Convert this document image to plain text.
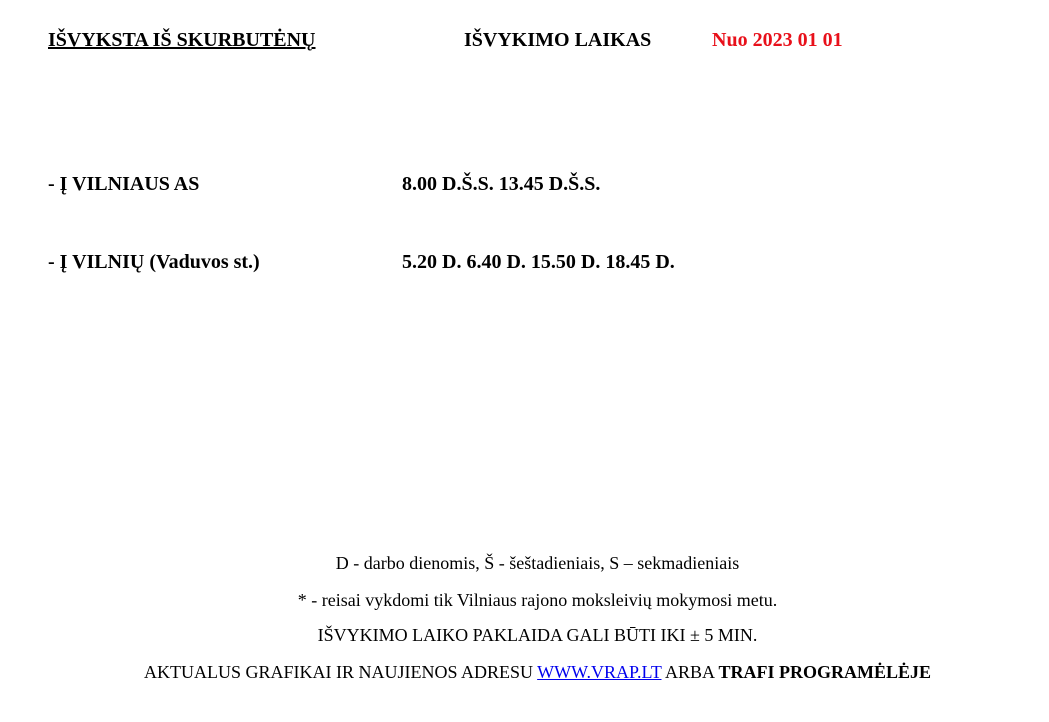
IŠVYKSTA IŠ SKURBUTĖNŲ	IŠVYKIMO LAIKAS	Nuo 2023 01 01
- Į VILNIAUS AS	8.00 D.Š.S. 13.45 D.Š.S.
- Į VILNIŲ (Vaduvos st.)	5.20 D. 6.40 D. 15.50 D. 18.45 D.
D - darbo dienomis, Š - šeštadieniais, S – sekmadieniais
* - reisai vykdomi tik Vilniaus rajono moksleivių mokymosi metu.
IŠVYKIMO LAIKO PAKLAIDA GALI BŪTI IKI ± 5 MIN.
AKTUALUS GRAFIKAI IR NAUJIENOS ADRESU WWW.VRAP.LT ARBA TRAFI PROGRAMĖLĖJE
